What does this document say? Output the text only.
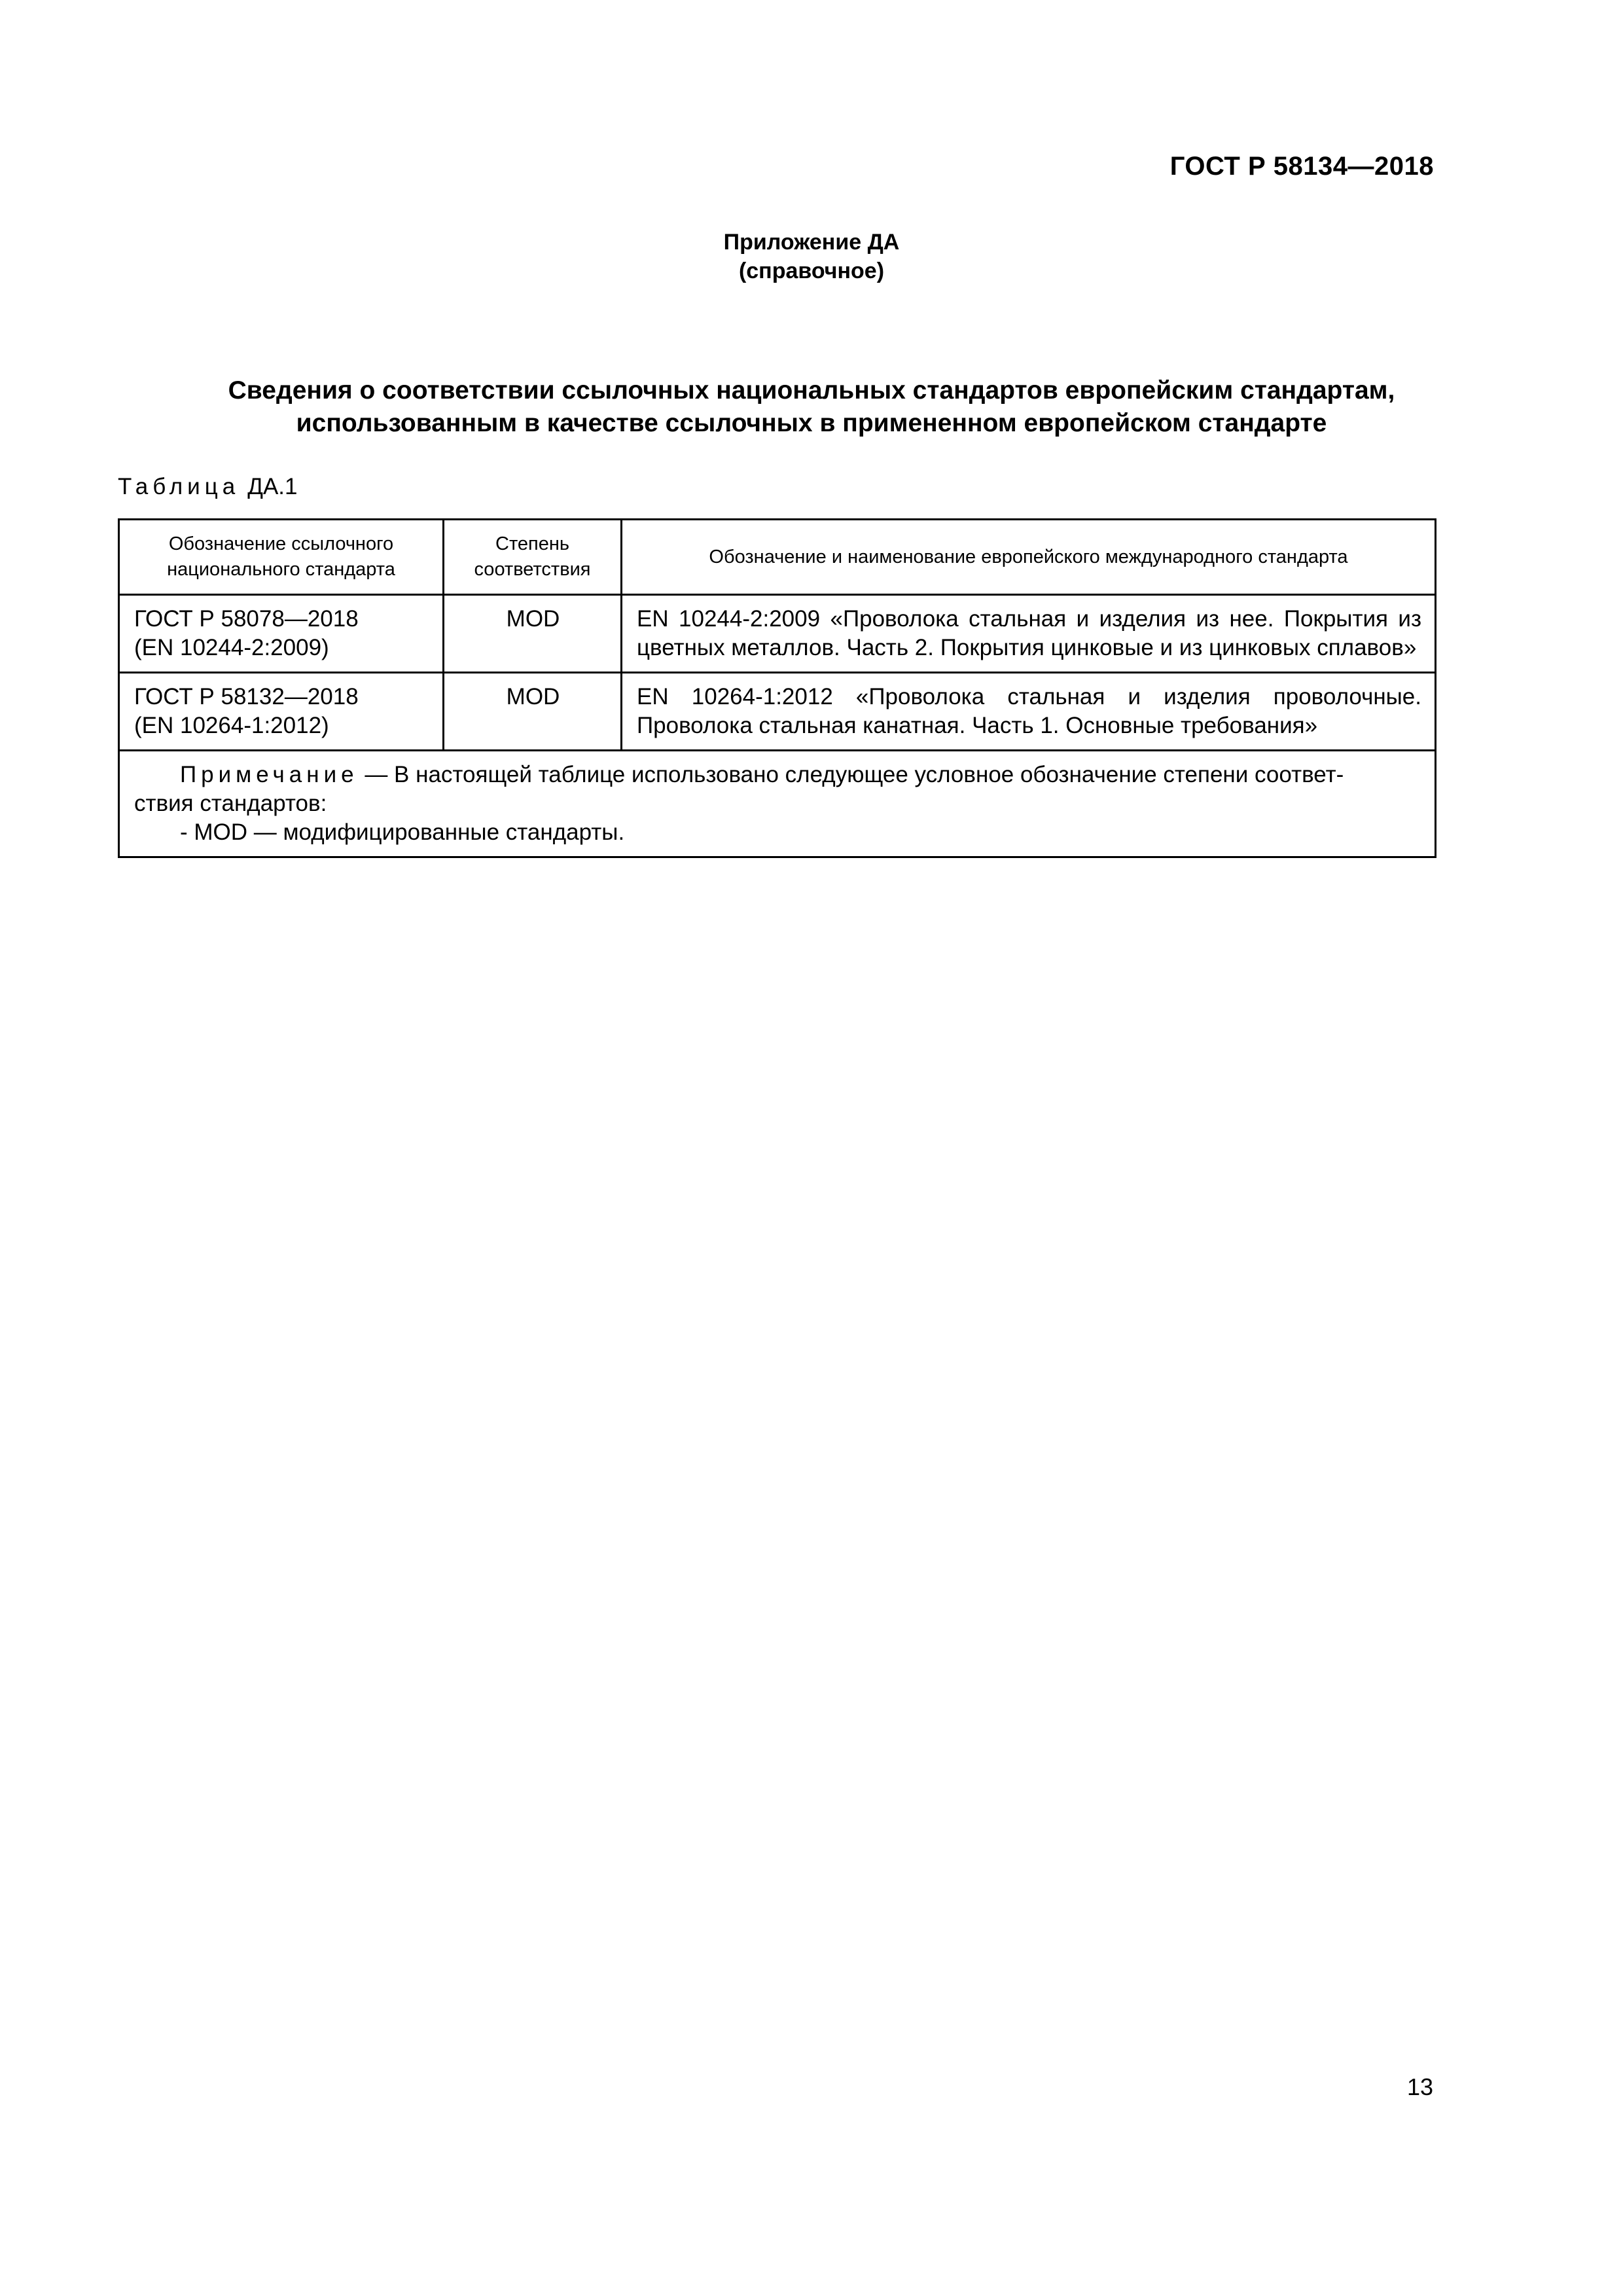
ГОСТ Р 58134—2018
Приложение ДА
(справочное)
Сведения о соответствии ссылочных национальных стандартов европейским стандартам,
использованным в качестве ссылочных в примененном европейском стандарте
Таблица ДА.1
Обозначение ссылочного национального стандарта	Степень соответствия	Обозначение и наименование европейского международного стандарта

ГОСТ Р 58078—2018
(EN 10244-2:2009)	MOD	EN 10244-2:2009 «Проволока стальная и изделия из нее. Покрытия из цветных металлов. Часть 2. Покрытия цинковые и из цинковых сплавов»

ГОСТ Р 58132—2018
(EN 10264-1:2012)	MOD	EN 10264-1:2012 «Проволока стальная и изделия проволочные. Проволока стальная канатная. Часть 1. Основные требования»

Примечание — В настоящей таблице использовано следующее условное обозначение степени соответ-
ствия стандартов:
- MOD — модифицированные стандарты.		
13
